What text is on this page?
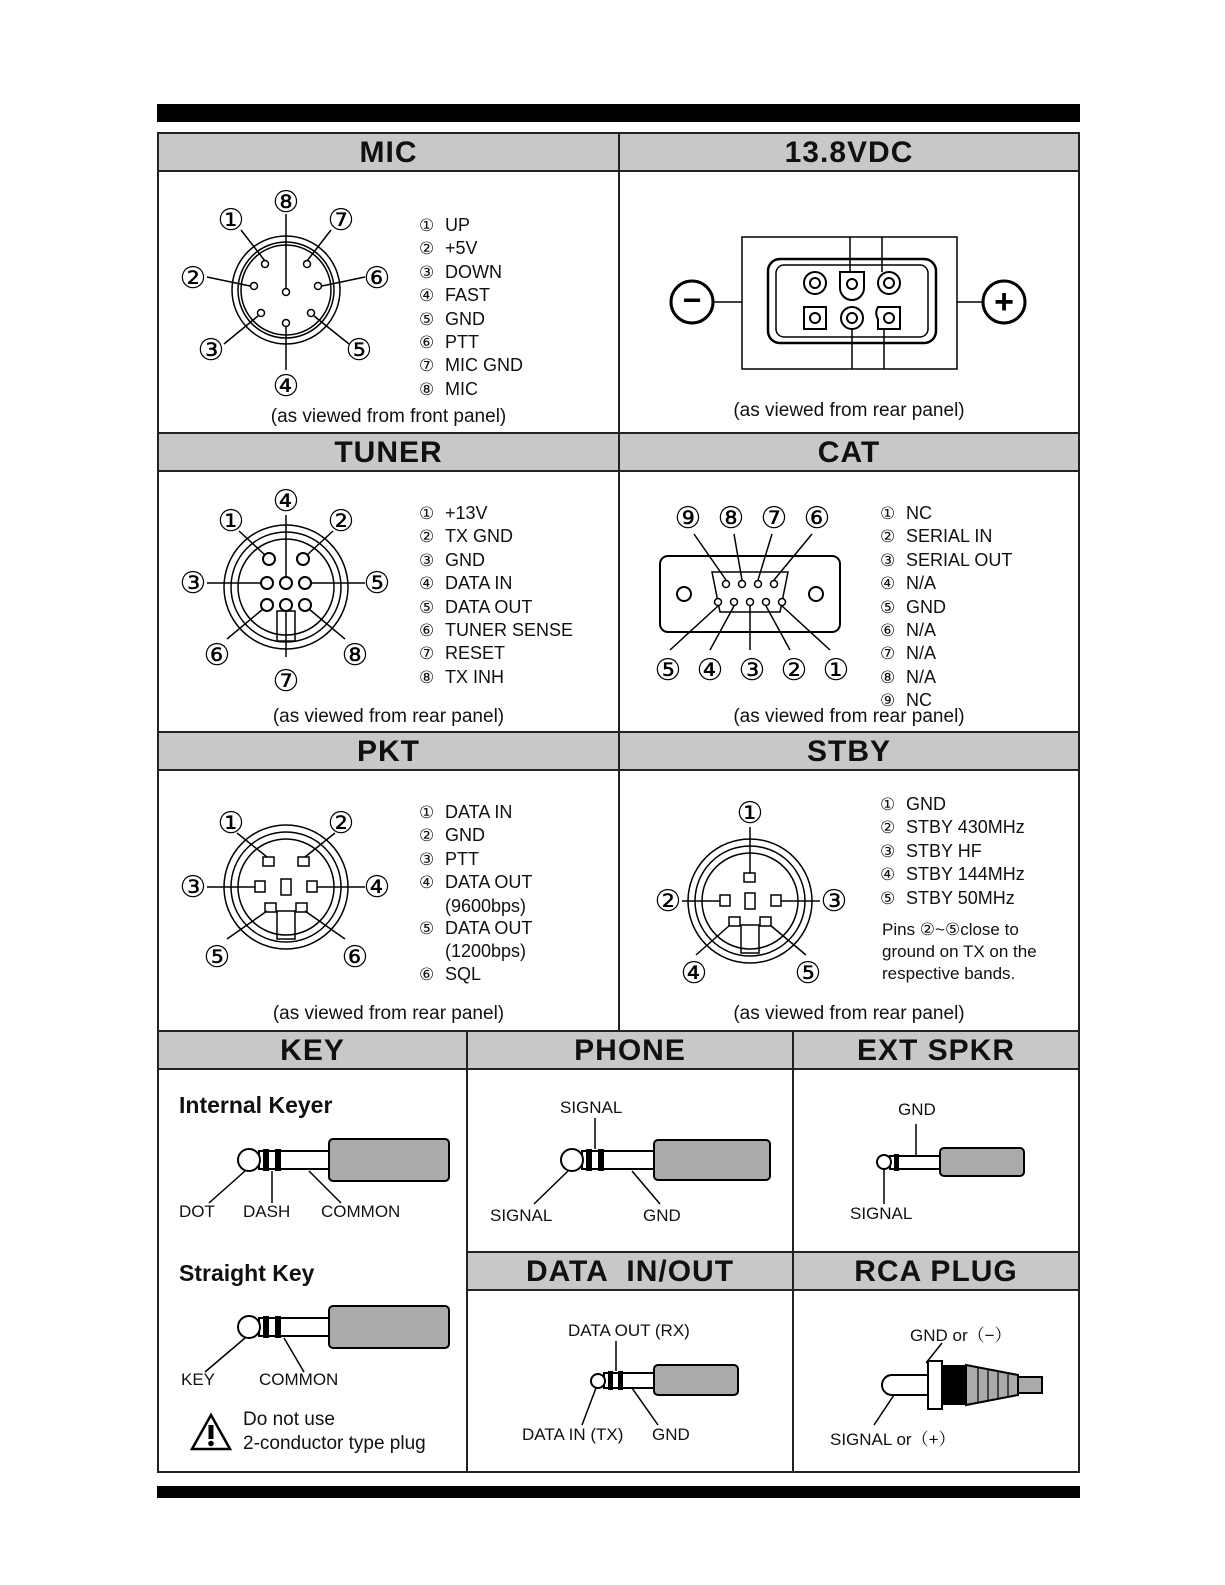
MIC
①
⑧
⑦
②	⑥
③	⑤
④
① UP
② +5V
③ DOWN
④ FAST
⑤ GND
⑥ PTT
⑦ MIC GND
⑧ MIC
(as viewed from front panel)
13.8VDC
−	+
(as viewed from rear panel)
TUNER
①
④
②
③	⑤
⑥	⑧
⑦
① +13V
② TX GND
③ GND
④ DATA IN
⑤ DATA OUT
⑥ TUNER SENSE
⑦ RESET
⑧ TX INH
(as viewed from rear panel)
CAT
⑨ ⑧ ⑦ ⑥
⑤ ④ ③ ② ①
① NC
② SERIAL IN
③ SERIAL OUT
④ N/A
⑤ GND
⑥ N/A
⑦ N/A
⑧ N/A
⑨ NC
(as viewed from rear panel)
PKT
①	②
③	④
⑤	⑥
① DATA IN
② GND
③ PTT
④ DATA OUT
(9600bps)
⑤ DATA OUT
(1200bps)
⑥ SQL
(as viewed from rear panel)
STBY
①
②	③
④	⑤
① GND
② STBY 430MHz
③ STBY HF
④ STBY 144MHz
⑤ STBY 50MHz
Pins ②~⑤close to
ground on TX on the
respective bands.
(as viewed from rear panel)
KEY
Internal Keyer
DOT DASH COMMON
Straight Key
KEY	COMMON
Do not use
2-conductor type plug
PHONE
SIGNAL
SIGNAL	GND
EXT SPKR
GND
SIGNAL
DATA  IN/OUT
DATA OUT (RX)
DATA IN (TX) GND
RCA PLUG
GND or（−）
SIGNAL or（+）
